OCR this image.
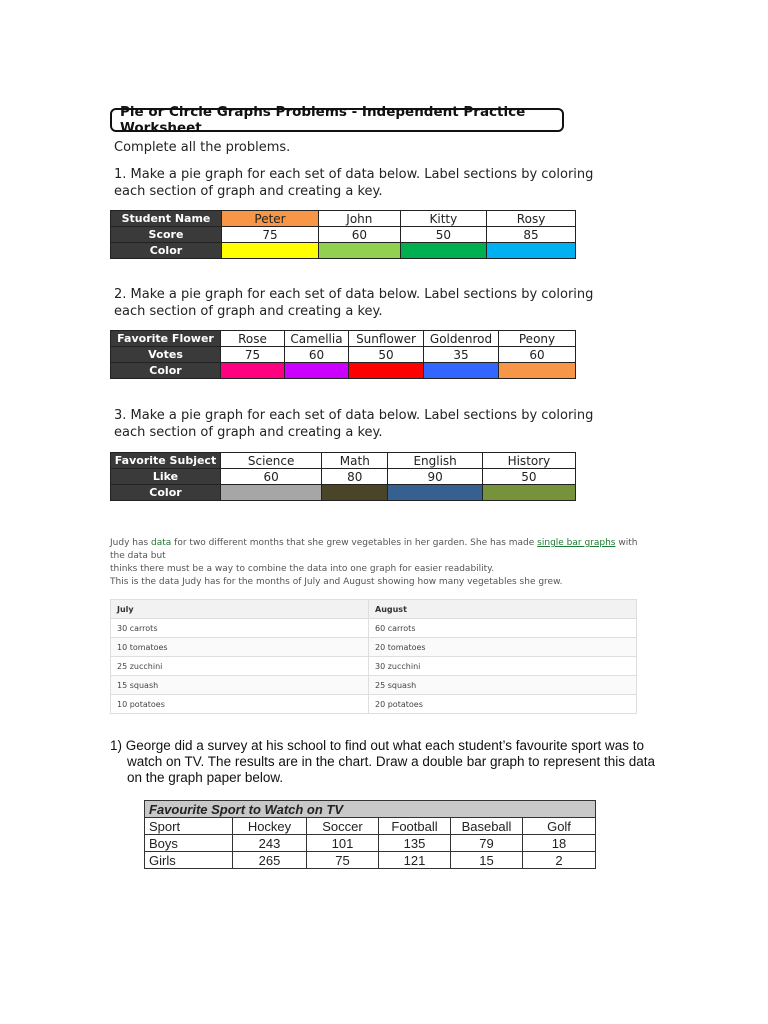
Pie or Circle Graphs Problems - Independent Practice Worksheet
Complete all the problems.
1. Make a pie graph for each set of data below. Label sections by coloring
each section of graph and creating a key.
Student Name	Peter	John	Kitty	Rosy
Score	75	60	50	85
Color				
2. Make a pie graph for each set of data below. Label sections by coloring
each section of graph and creating a key.
Favorite Flower	Rose	Camellia	Sunflower	Goldenrod	Peony
Votes	75	60	50	35	60
Color					
3. Make a pie graph for each set of data below. Label sections by coloring
each section of graph and creating a key.
Favorite Subject	Science	Math	English	History
Like	60	80	90	50
Color				
Judy has data for two different months that she grew vegetables in her garden. She has made single bar graphs with the data but
thinks there must be a way to combine the data into one graph for easier readability.
This is the data Judy has for the months of July and August showing how many vegetables she grew.
July	August
30 carrots	60 carrots
10 tomatoes	20 tomatoes
25 zucchini	30 zucchini
15 squash	25 squash
10 potatoes	20 potatoes
1) George did a survey at his school to find out what each student’s favourite sport was to
watch on TV. The results are in the chart. Draw a double bar graph to represent this data
on the graph paper below.
Favourite Sport to Watch on TV					
Sport	Hockey	Soccer	Football	Baseball	Golf
Boys	243	101	135	79	18
Girls	265	75	121	15	2
